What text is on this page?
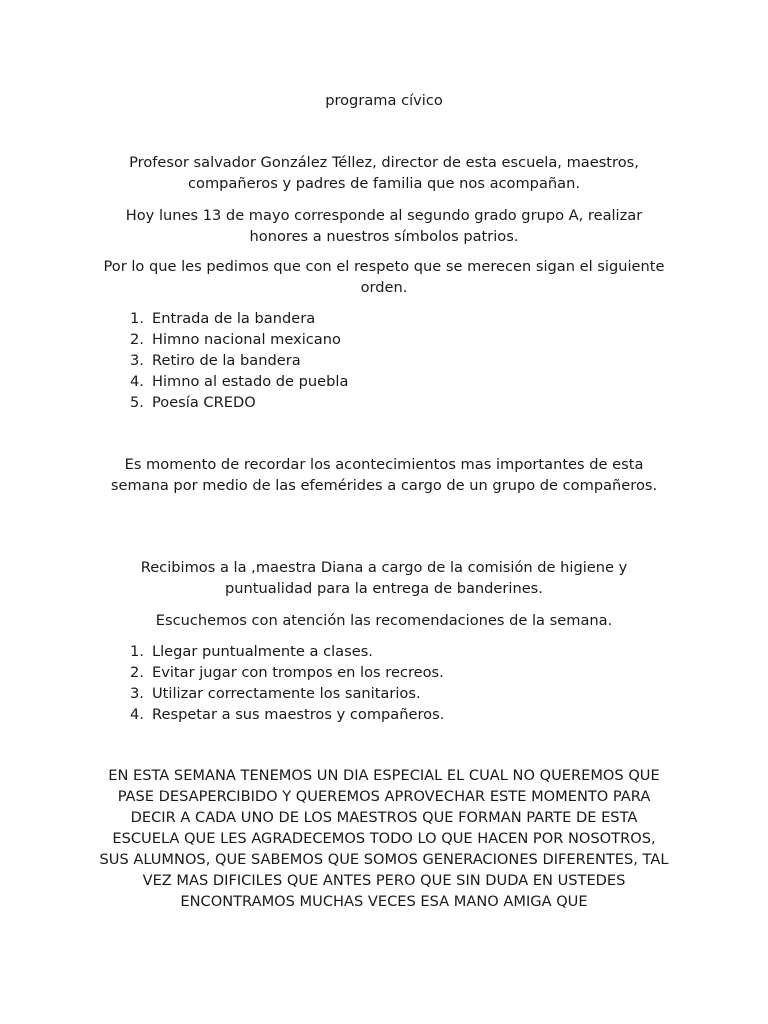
programa cívico

Profesor salvador González Téllez, director de esta escuela, maestros, compañeros y padres de familia que nos acompañan.

Hoy lunes 13 de mayo corresponde al segundo grado grupo A, realizar honores a nuestros símbolos patrios.

Por lo que les pedimos que con el respeto que se merecen sigan el siguiente orden.

1. Entrada de la bandera
2. Himno nacional mexicano
3. Retiro de la bandera
4. Himno al estado de puebla
5. Poesía CREDO

Es momento de recordar los acontecimientos mas importantes de esta semana por medio de las efemérides a cargo de un grupo de compañeros.

Recibimos a la ,maestra Diana a cargo de la comisión de higiene y puntualidad para la entrega de banderines.

Escuchemos con atención las recomendaciones de la semana.

1. Llegar puntualmente a clases.
2. Evitar jugar con trompos en los recreos.
3. Utilizar correctamente los sanitarios.
4. Respetar a sus maestros y compañeros.

EN ESTA SEMANA TENEMOS UN DIA ESPECIAL EL CUAL NO QUEREMOS QUE PASE DESAPERCIBIDO Y QUEREMOS APROVECHAR ESTE MOMENTO PARA DECIR A CADA UNO DE LOS MAESTROS QUE FORMAN PARTE DE ESTA ESCUELA QUE LES AGRADECEMOS TODO LO QUE HACEN POR NOSOTROS, SUS ALUMNOS, QUE SABEMOS QUE SOMOS GENERACIONES DIFERENTES, TAL VEZ MAS DIFICILES QUE ANTES PERO QUE SIN DUDA EN USTEDES ENCONTRAMOS MUCHAS VECES ESA MANO AMIGA QUE
